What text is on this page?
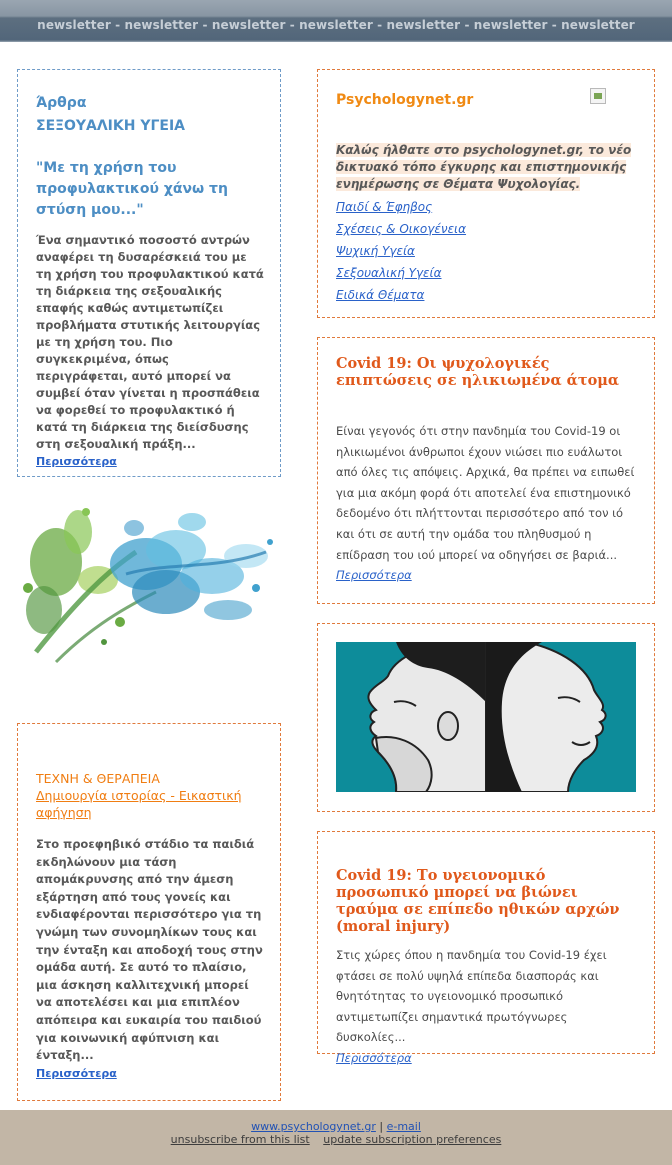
newsletter - newsletter - newsletter - newsletter - newsletter - newsletter - newsletter
Άρθρα
ΣΕΞΟΥΑΛΙΚΗ ΥΓΕΙΑ
"Με τη χρήση του προφυλακτικού χάνω τη στύση μου..."
Ένα σημαντικό ποσοστό αντρών αναφέρει τη δυσαρέσκειά του με τη χρήση του προφυλακτικού κατά τη διάρκεια της σεξουαλικής επαφής καθώς αντιμετωπίζει προβλήματα στυτικής λειτουργίας με τη χρήση του. Πιο συγκεκριμένα, όπως περιγράφεται, αυτό μπορεί να συμβεί όταν γίνεται η προσπάθεια να φορεθεί το προφυλακτικό ή κατά τη διάρκεια της διείσδυσης στη σεξουαλική πράξη...
Περισσότερα
ΤΕΧΝΗ & ΘΕΡΑΠΕΙΑ
Δημιουργία ιστορίας - Εικαστική αφήγηση
Στο προεφηβικό στάδιο τα παιδιά εκδηλώνουν μια τάση απομάκρυνσης από την άμεση εξάρτηση από τους γονείς και ενδιαφέρονται περισσότερο για τη γνώμη των συνομηλίκων τους και την ένταξη και αποδοχή τους στην ομάδα αυτή. Σε αυτό το πλαίσιο, μια άσκηση καλλιτεχνική μπορεί να αποτελέσει και μια επιπλέον απόπειρα και ευκαιρία του παιδιού για κοινωνική αφύπνιση και ένταξη...
Περισσότερα
Psychologynet.gr
Καλώς ήλθατε στο psychologynet.gr, το νέο δικτυακό τόπο έγκυρης και επιστημονικής ενημέρωσης σε Θέματα Ψυχολογίας.
Παιδί & Έφηβος
Σχέσεις & Οικογένεια
Ψυχική Υγεία
Σεξουαλική Υγεία
Ειδικά Θέματα
Covid 19: Οι ψυχολογικές επιπτώσεις σε ηλικιωμένα άτομα
Είναι γεγονός ότι στην πανδημία του Covid-19 οι ηλικιωμένοι άνθρωποι έχουν νιώσει πιο ευάλωτοι από όλες τις απόψεις. Αρχικά, θα πρέπει να ειπωθεί για μια ακόμη φορά ότι αποτελεί ένα επιστημονικό δεδομένο ότι πλήττονται περισσότερο από τον ιό και ότι σε αυτή την ομάδα του πληθυσμού η επίδραση του ιού μπορεί να οδηγήσει σε βαριά...
Περισσότερα
Covid 19: Το υγειονομικό προσωπικό μπορεί να βιώνει τραύμα σε επίπεδο ηθικών αρχών (moral injury)
Στις χώρες όπου η πανδημία του Covid-19 έχει φτάσει σε πολύ υψηλά επίπεδα διασποράς και θνητότητας το υγειονομικό προσωπικό αντιμετωπίζει σημαντικά πρωτόγνωρες δυσκολίες...
Περισσότερα
www.psychologynet.gr | e-mail
unsubscribe from this list update subscription preferences
